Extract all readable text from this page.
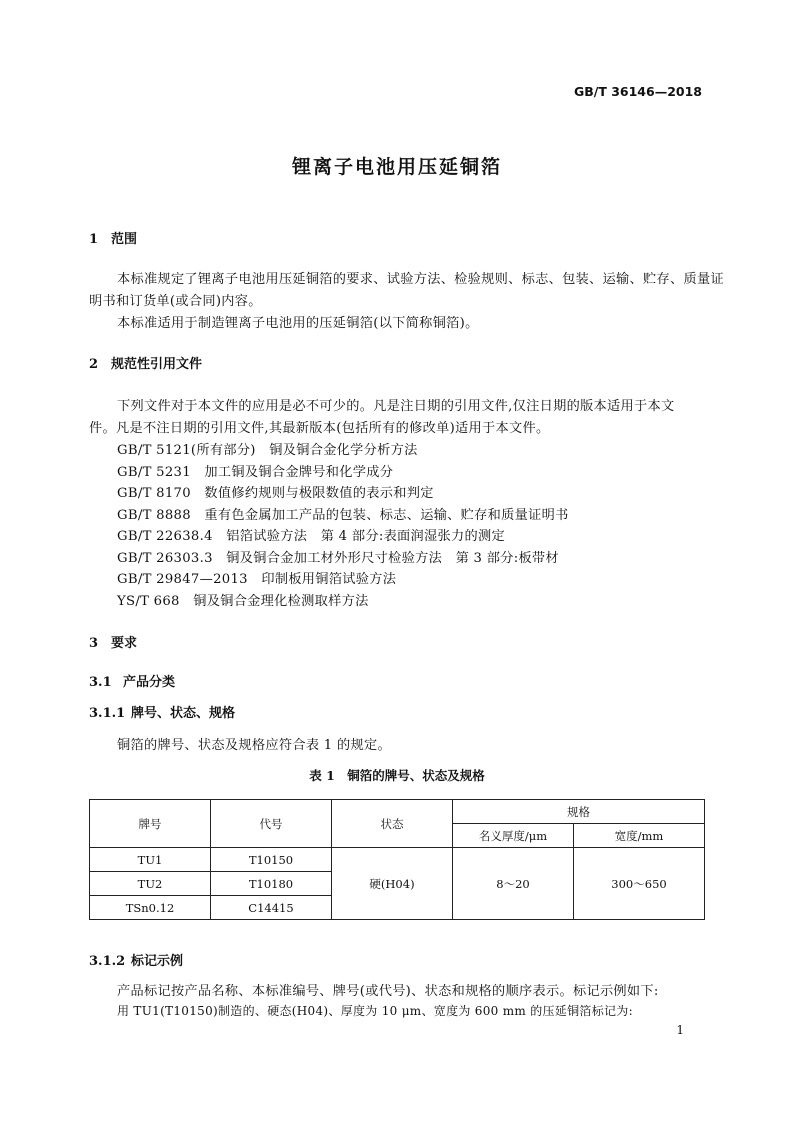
GB/T 36146—2018
锂离子电池用压延铜箔
1 范围
本标准规定了锂离子电池用压延铜箔的要求、试验方法、检验规则、标志、包装、运输、贮存、质量证
明书和订货单(或合同)内容。
本标准适用于制造锂离子电池用的压延铜箔(以下简称铜箔)。
2 规范性引用文件
下列文件对于本文件的应用是必不可少的。凡是注日期的引用文件,仅注日期的版本适用于本文
件。凡是不注日期的引用文件,其最新版本(包括所有的修改单)适用于本文件。
GB/T 5121(所有部分) 铜及铜合金化学分析方法
GB/T 5231 加工铜及铜合金牌号和化学成分
GB/T 8170 数值修约规则与极限数值的表示和判定
GB/T 8888 重有色金属加工产品的包装、标志、运输、贮存和质量证明书
GB/T 22638.4 铝箔试验方法　第 4 部分:表面润湿张力的测定
GB/T 26303.3 铜及铜合金加工材外形尺寸检验方法　第 3 部分:板带材
GB/T 29847—2013 印制板用铜箔试验方法
YS/T 668 铜及铜合金理化检测取样方法
3 要求
3.1 产品分类
3.1.1 牌号、状态、规格
铜箔的牌号、状态及规格应符合表 1 的规定。
表 1　铜箔的牌号、状态及规格
牌号	代号	状态	规格	
			名义厚度/μm	宽度/mm
TU1	T10150	硬(H04)	8～20	300～650
TU2	T10180			
TSn0.12	C14415			
3.1.2 标记示例
产品标记按产品名称、本标准编号、牌号(或代号)、状态和规格的顺序表示。标记示例如下:
用 TU1(T10150)制造的、硬态(H04)、厚度为 10 μm、宽度为 600 mm 的压延铜箔标记为:
1
